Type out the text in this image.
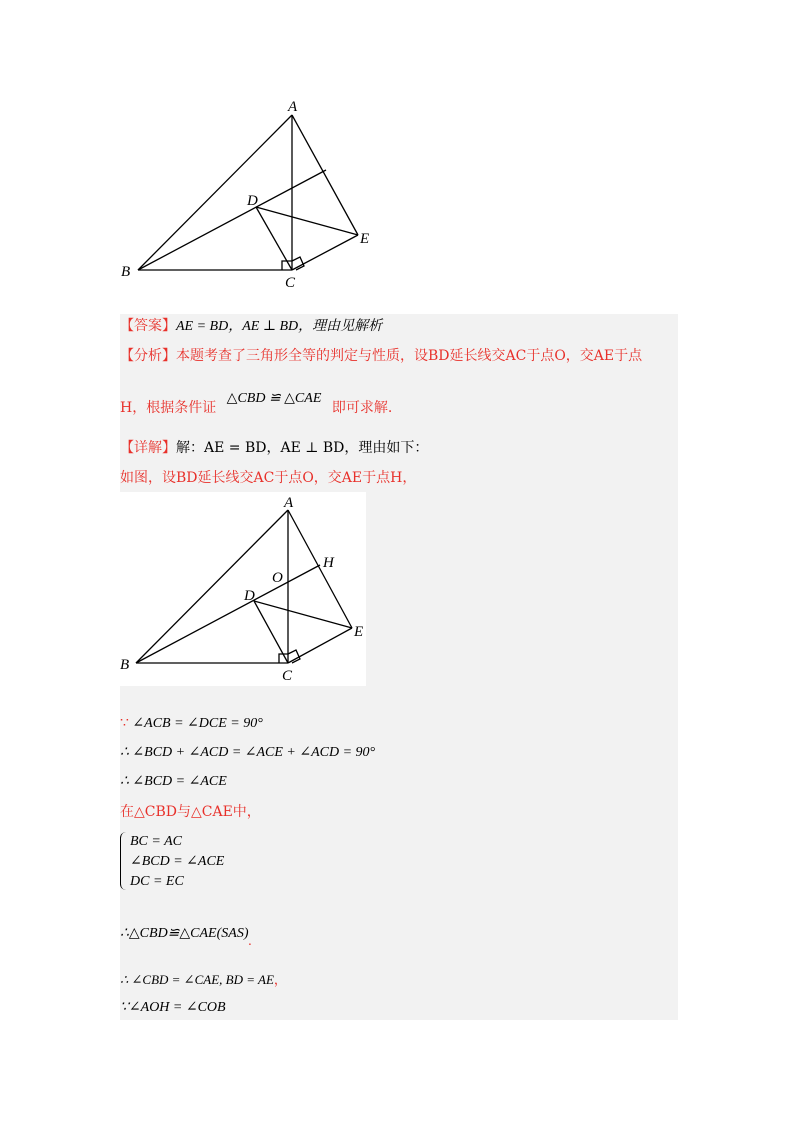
A
B
C
D
E
【答案】AE = BD，AE ⊥ BD，理由见解析
【分析】本题考查了三角形全等的判定与性质，设BD延长线交AC于点O，交AE于点
H，根据条件证 △CBD ≌ △CAE 即可求解.
【详解】解：AE = BD，AE ⊥ BD，理由如下：
如图，设BD延长线交AC于点O，交AE于点H，
A
B
C
D
E
H
O
∵ ∠ACB = ∠DCE = 90°
∴ ∠BCD + ∠ACD = ∠ACE + ∠ACD = 90°
∴ ∠BCD = ∠ACE
在△CBD与△CAE中，
BC = AC
∠BCD = ∠ACE
DC = EC
∴△CBD≌△CAE(SAS).
∴ ∠CBD = ∠CAE, BD = AE，
∵∠AOH = ∠COB
